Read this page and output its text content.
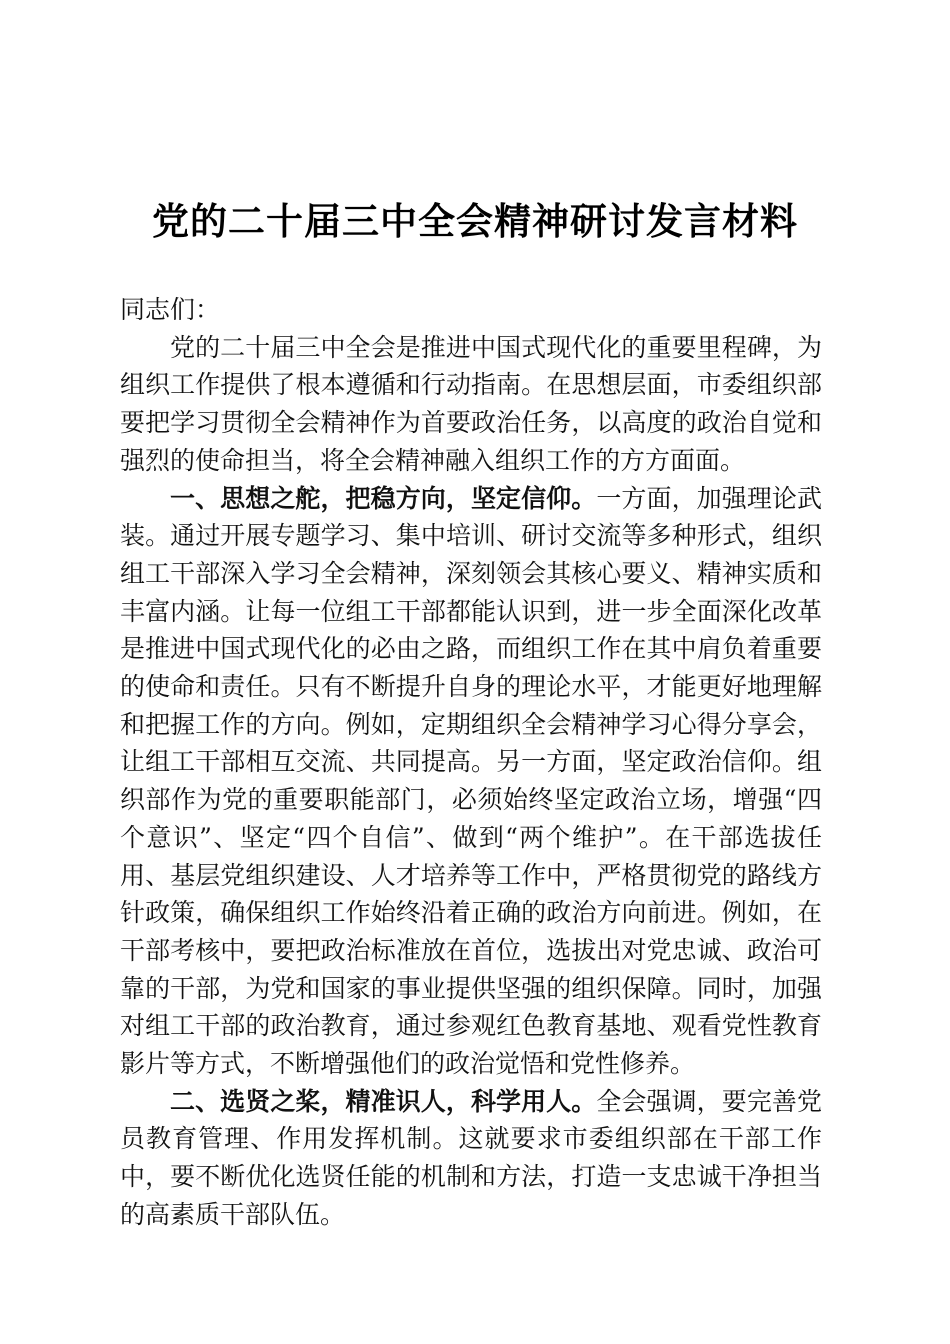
党的二十届三中全会精神研讨发言材料

同志们：

党的二十届三中全会是推进中国式现代化的重要里程碑，为组织工作提供了根本遵循和行动指南。在思想层面，市委组织部要把学习贯彻全会精神作为首要政治任务，以高度的政治自觉和强烈的使命担当，将全会精神融入组织工作的方方面面。

一、思想之舵，把稳方向，坚定信仰。一方面，加强理论武装。通过开展专题学习、集中培训、研讨交流等多种形式，组织组工干部深入学习全会精神，深刻领会其核心要义、精神实质和丰富内涵。让每一位组工干部都能认识到，进一步全面深化改革是推进中国式现代化的必由之路，而组织工作在其中肩负着重要的使命和责任。只有不断提升自身的理论水平，才能更好地理解和把握工作的方向。例如，定期组织全会精神学习心得分享会，让组工干部相互交流、共同提高。另一方面，坚定政治信仰。组织部作为党的重要职能部门，必须始终坚定政治立场，增强“四个意识”、坚定“四个自信”、做到“两个维护”。在干部选拔任用、基层党组织建设、人才培养等工作中，严格贯彻党的路线方针政策，确保组织工作始终沿着正确的政治方向前进。例如，在干部考核中，要把政治标准放在首位，选拔出对党忠诚、政治可靠的干部，为党和国家的事业提供坚强的组织保障。同时，加强对组工干部的政治教育，通过参观红色教育基地、观看党性教育影片等方式，不断增强他们的政治觉悟和党性修养。

二、选贤之桨，精准识人，科学用人。全会强调，要完善党员教育管理、作用发挥机制。这就要求市委组织部在干部工作中，要不断优化选贤任能的机制和方法，打造一支忠诚干净担当的高素质干部队伍。
